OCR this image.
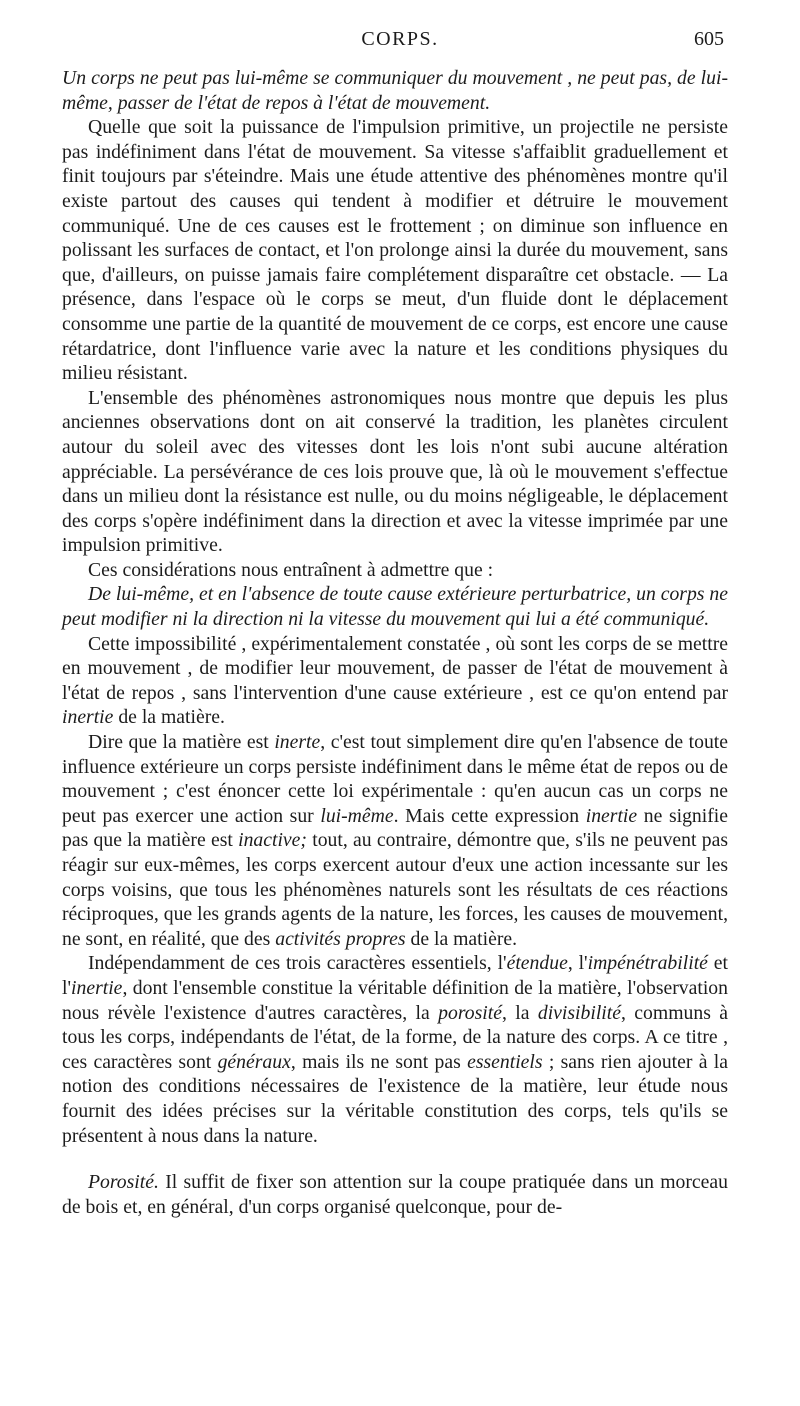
CORPS.	605

Un corps ne peut pas lui-même se communiquer du mouvement , ne peut pas, de lui-même, passer de l'état de repos à l'état de mouvement.

Quelle que soit la puissance de l'impulsion primitive, un projectile ne persiste pas indéfiniment dans l'état de mouvement. Sa vitesse s'affaiblit graduellement et finit toujours par s'éteindre. Mais une étude attentive des phénomènes montre qu'il existe partout des causes qui tendent à modifier et détruire le mouvement communiqué. Une de ces causes est le frottement ; on diminue son influence en polissant les surfaces de contact, et l'on prolonge ainsi la durée du mouvement, sans que, d'ailleurs, on puisse jamais faire complétement disparaître cet obstacle. — La présence, dans l'espace où le corps se meut, d'un fluide dont le déplacement consomme une partie de la quantité de mouvement de ce corps, est encore une cause rétardatrice, dont l'influence varie avec la nature et les conditions physiques du milieu résistant.

L'ensemble des phénomènes astronomiques nous montre que depuis les plus anciennes observations dont on ait conservé la tradition, les planètes circulent autour du soleil avec des vitesses dont les lois n'ont subi aucune altération appréciable. La persévérance de ces lois prouve que, là où le mouvement s'effectue dans un milieu dont la résistance est nulle, ou du moins négligeable, le déplacement des corps s'opère indéfiniment dans la direction et avec la vitesse imprimée par une impulsion primitive.

Ces considérations nous entraînent à admettre que :

De lui-même, et en l'absence de toute cause extérieure perturbatrice, un corps ne peut modifier ni la direction ni la vitesse du mouvement qui lui a été communiqué.

Cette impossibilité , expérimentalement constatée , où sont les corps de se mettre en mouvement , de modifier leur mouvement, de passer de l'état de mouvement à l'état de repos , sans l'intervention d'une cause extérieure , est ce qu'on entend par inertie de la matière.

Dire que la matière est inerte, c'est tout simplement dire qu'en l'absence de toute influence extérieure un corps persiste indéfiniment dans le même état de repos ou de mouvement ; c'est énoncer cette loi expérimentale : qu'en aucun cas un corps ne peut pas exercer une action sur lui-même. Mais cette expression inertie ne signifie pas que la matière est inactive; tout, au contraire, démontre que, s'ils ne peuvent pas réagir sur eux-mêmes, les corps exercent autour d'eux une action incessante sur les corps voisins, que tous les phénomènes naturels sont les résultats de ces réactions réciproques, que les grands agents de la nature, les forces, les causes de mouvement, ne sont, en réalité, que des activités propres de la matière.

Indépendamment de ces trois caractères essentiels, l'étendue, l'impénétrabilité et l'inertie, dont l'ensemble constitue la véritable définition de la matière, l'observation nous révèle l'existence d'autres caractères, la porosité, la divisibilité, communs à tous les corps, indépendants de l'état, de la forme, de la nature des corps. A ce titre , ces caractères sont généraux, mais ils ne sont pas essentiels ; sans rien ajouter à la notion des conditions nécessaires de l'existence de la matière, leur étude nous fournit des idées précises sur la véritable constitution des corps, tels qu'ils se présentent à nous dans la nature.

Porosité. Il suffit de fixer son attention sur la coupe pratiquée dans un morceau de bois et, en général, d'un corps organisé quelconque, pour de-
